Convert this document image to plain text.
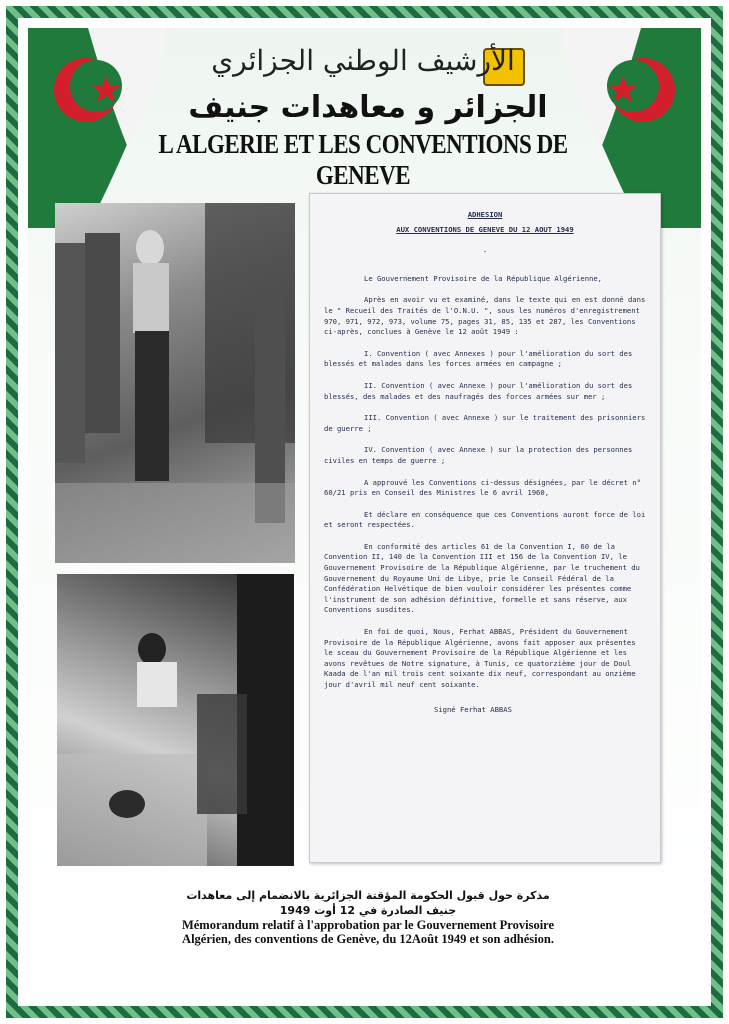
الأرشيف الوطني الجزائري
الجزائر و معاهدات جنيف
L ALGERIE ET LES CONVENTIONS DE GENEVE
ADHESION
AUX CONVENTIONS DE GENEVE DU 12 AOUT 1949
-

Le Gouvernement Provisoire de la République Algérienne,

Après en avoir vu et examiné, dans le texte qui en est donné dans le " Recueil des Traités de l'O.N.U. ", sous les numéros d'enregistrement 970, 971, 972, 973, volume 75, pages 31, 85, 135 et 287, les Conventions ci-après, conclues à Genève le 12 août 1949 :

I. Convention ( avec Annexes ) pour l'amélioration du sort des blessés et malades dans les forces armées en campagne ;

II. Convention ( avec Annexe ) pour l'amélioration du sort des blessés, des malades et des naufragés des forces armées sur mer ;

III. Convention ( avec Annexe ) sur le traitement des prisonniers de guerre ;

IV. Convention ( avec Annexe ) sur la protection des personnes civiles en temps de guerre ;

A approuvé les Conventions ci-dessus désignées, par le décret n° 60/21 pris en Conseil des Ministres le 6 avril 1960,

Et déclare en conséquence que ces Conventions auront force de loi et seront respectées.

En conformité des articles 61 de la Convention I, 60 de la Convention II, 140 de la Convention III et 156 de la Convention IV, le Gouvernement Provisoire de la République Algérienne, par le truchement du Gouvernement du Royaume Uni de Libye, prie le Conseil Fédéral de la Confédération Helvétique de bien vouloir considérer les présentes comme l'instrument de son adhésion définitive, formelle et sans réserve, aux Conventions susdites.

En foi de quoi, Nous, Ferhat ABBAS, Président du Gouvernement Provisoire de la République Algérienne, avons fait apposer aux présentes le sceau du Gouvernement Provisoire de la République Algérienne et les avons revêtues de Notre signature, à Tunis, ce quatorzième jour de Doul Kaada de l'an mil trois cent soixante dix neuf, correspondant au onzième jour d'avril mil neuf cent soixante.

Signé Ferhat ABBAS
مذكرة حول قبول الحكومة المؤقتة الجزائرية بالانضمام إلى معاهدات
جنيف الصادرة في 12 أوت 1949
Mémorandum relatif à l'approbation par le Gouvernement Provisoire Algérien, des conventions de Genève, du 12Août 1949 et son adhésion.
